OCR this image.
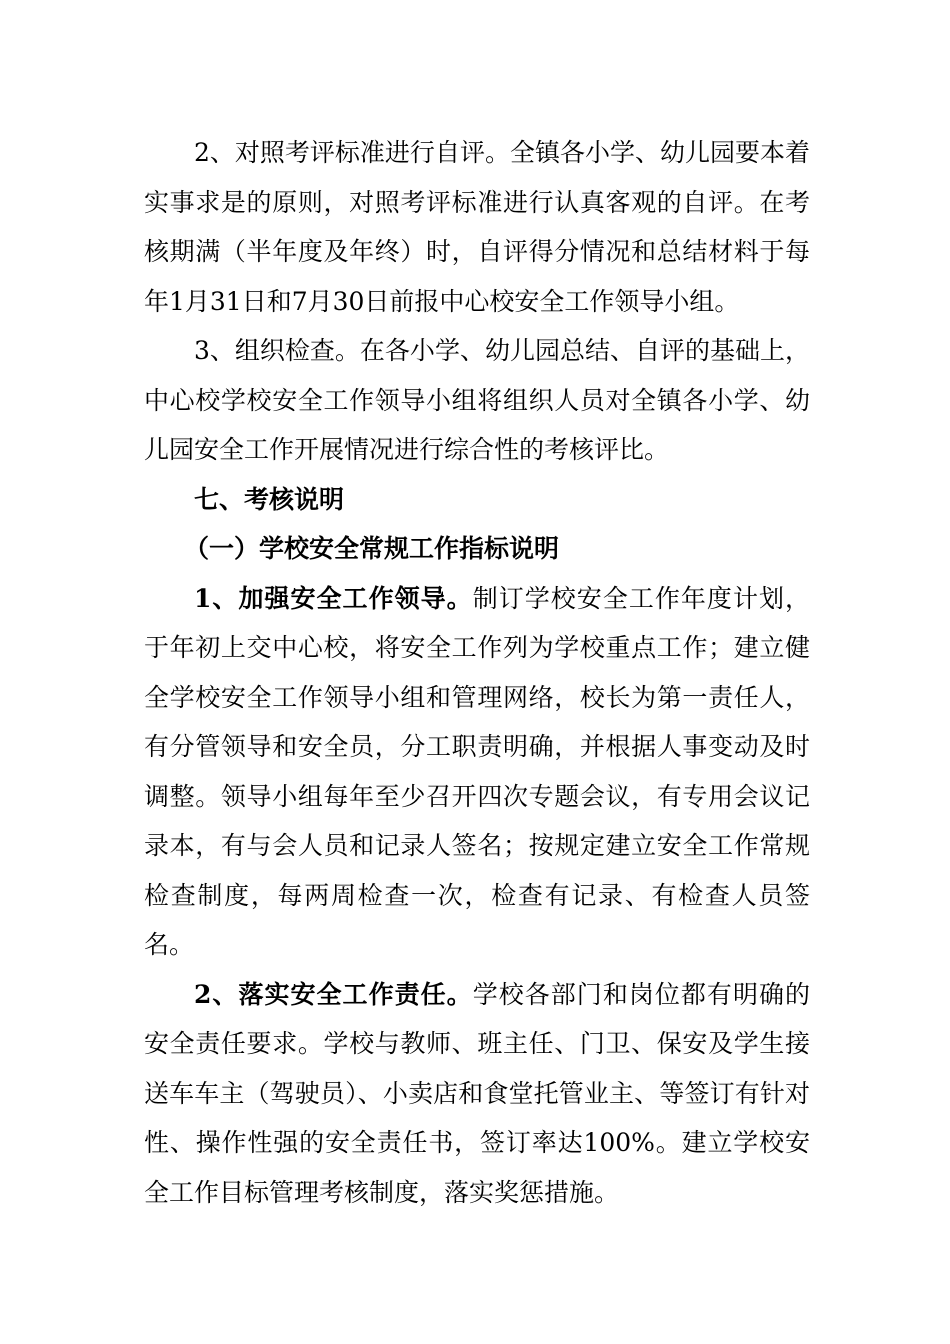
2、对照考评标准进行自评。全镇各小学、幼儿园要本着实事求是的原则，对照考评标准进行认真客观的自评。在考核期满（半年度及年终）时，自评得分情况和总结材料于每年1月31日和7月30日前报中心校安全工作领导小组。

3、组织检查。在各小学、幼儿园总结、自评的基础上，中心校学校安全工作领导小组将组织人员对全镇各小学、幼儿园安全工作开展情况进行综合性的考核评比。

七、考核说明

（一）学校安全常规工作指标说明

1、加强安全工作领导。制订学校安全工作年度计划，于年初上交中心校，将安全工作列为学校重点工作；建立健全学校安全工作领导小组和管理网络，校长为第一责任人，有分管领导和安全员，分工职责明确，并根据人事变动及时调整。领导小组每年至少召开四次专题会议，有专用会议记录本，有与会人员和记录人签名；按规定建立安全工作常规检查制度，每两周检查一次，检查有记录、有检查人员签名。

2、落实安全工作责任。学校各部门和岗位都有明确的安全责任要求。学校与教师、班主任、门卫、保安及学生接送车车主（驾驶员）、小卖店和食堂托管业主、等签订有针对性、操作性强的安全责任书，签订率达100%。建立学校安全工作目标管理考核制度，落实奖惩措施。
